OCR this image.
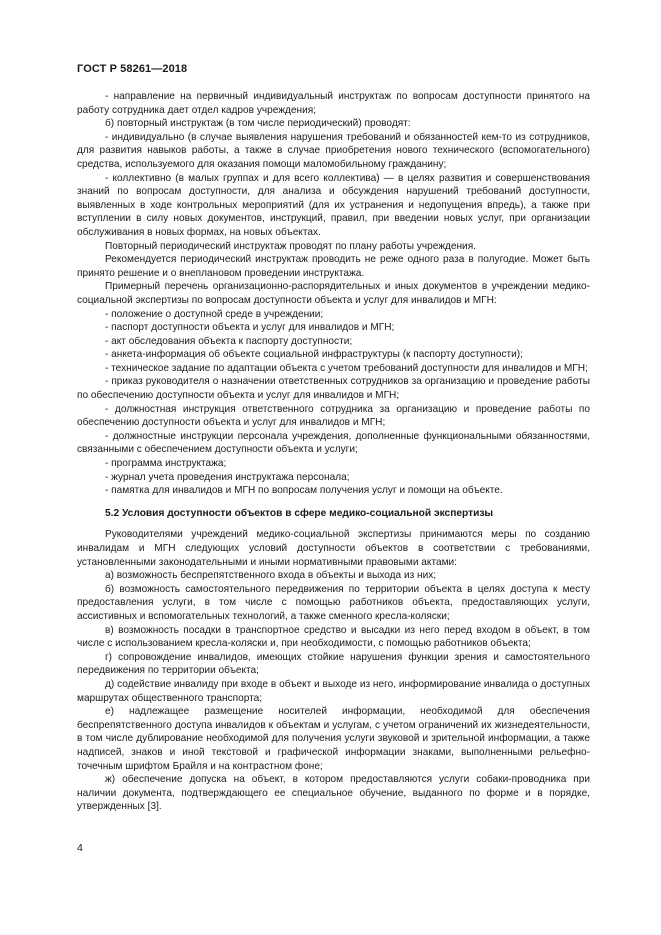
ГОСТ Р 58261—2018

- направление на первичный индивидуальный инструктаж по вопросам доступности принятого на работу сотрудника дает отдел кадров учреждения;

б) повторный инструктаж (в том числе периодический) проводят:

- индивидуально (в случае выявления нарушения требований и обязанностей кем-то из сотрудников, для развития навыков работы, а также в случае приобретения нового технического (вспомогательного) средства, используемого для оказания помощи маломобильному гражданину;

- коллективно (в малых группах и для всего коллектива) — в целях развития и совершенствования знаний по вопросам доступности, для анализа и обсуждения нарушений требований доступности, выявленных в ходе контрольных мероприятий (для их устранения и недопущения впредь), а также при вступлении в силу новых документов, инструкций, правил, при введении новых услуг, при организации обслуживания в новых формах, на новых объектах.

Повторный периодический инструктаж проводят по плану работы учреждения.

Рекомендуется периодический инструктаж проводить не реже одного раза в полугодие. Может быть принято решение и о внеплановом проведении инструктажа.

Примерный перечень организационно-распорядительных и иных документов в учреждении медико-социальной экспертизы по вопросам доступности объекта и услуг для инвалидов и МГН:

- положение о доступной среде в учреждении;

- паспорт доступности объекта и услуг для инвалидов и МГН;

- акт обследования объекта к паспорту доступности;

- анкета-информация об объекте социальной инфраструктуры (к паспорту доступности);

- техническое задание по адаптации объекта с учетом требований доступности для инвалидов и МГН;

- приказ руководителя о назначении ответственных сотрудников за организацию и проведение работы по обеспечению доступности объекта и услуг для инвалидов и МГН;

- должностная инструкция ответственного сотрудника за организацию и проведение работы по обеспечению доступности объекта и услуг для инвалидов и МГН;

- должностные инструкции персонала учреждения, дополненные функциональными обязанностями, связанными с обеспечением доступности объекта и услуги;

- программа инструктажа;

- журнал учета проведения инструктажа персонала;

- памятка для инвалидов и МГН по вопросам получения услуг и помощи на объекте.

5.2 Условия доступности объектов в сфере медико-социальной экспертизы

Руководителями учреждений медико-социальной экспертизы принимаются меры по созданию инвалидам и МГН следующих условий доступности объектов в соответствии с требованиями, установленными законодательными и иными нормативными правовыми актами:

а) возможность беспрепятственного входа в объекты и выхода из них;

б) возможность самостоятельного передвижения по территории объекта в целях доступа к месту предоставления услуги, в том числе с помощью работников объекта, предоставляющих услуги, ассистивных и вспомогательных технологий, а также сменного кресла-коляски;

в) возможность посадки в транспортное средство и высадки из него перед входом в объект, в том числе с использованием кресла-коляски и, при необходимости, с помощью работников объекта;

г) сопровождение инвалидов, имеющих стойкие нарушения функции зрения и самостоятельного передвижения по территории объекта;

д) содействие инвалиду при входе в объект и выходе из него, информирование инвалида о доступных маршрутах общественного транспорта;

е) надлежащее размещение носителей информации, необходимой для обеспечения беспрепятственного доступа инвалидов к объектам и услугам, с учетом ограничений их жизнедеятельности, в том числе дублирование необходимой для получения услуги звуковой и зрительной информации, а также надписей, знаков и иной текстовой и графической информации знаками, выполненными рельефно-точечным шрифтом Брайля и на контрастном фоне;

ж) обеспечение допуска на объект, в котором предоставляются услуги собаки-проводника при наличии документа, подтверждающего ее специальное обучение, выданного по форме и в порядке, утвержденных [3].

4
